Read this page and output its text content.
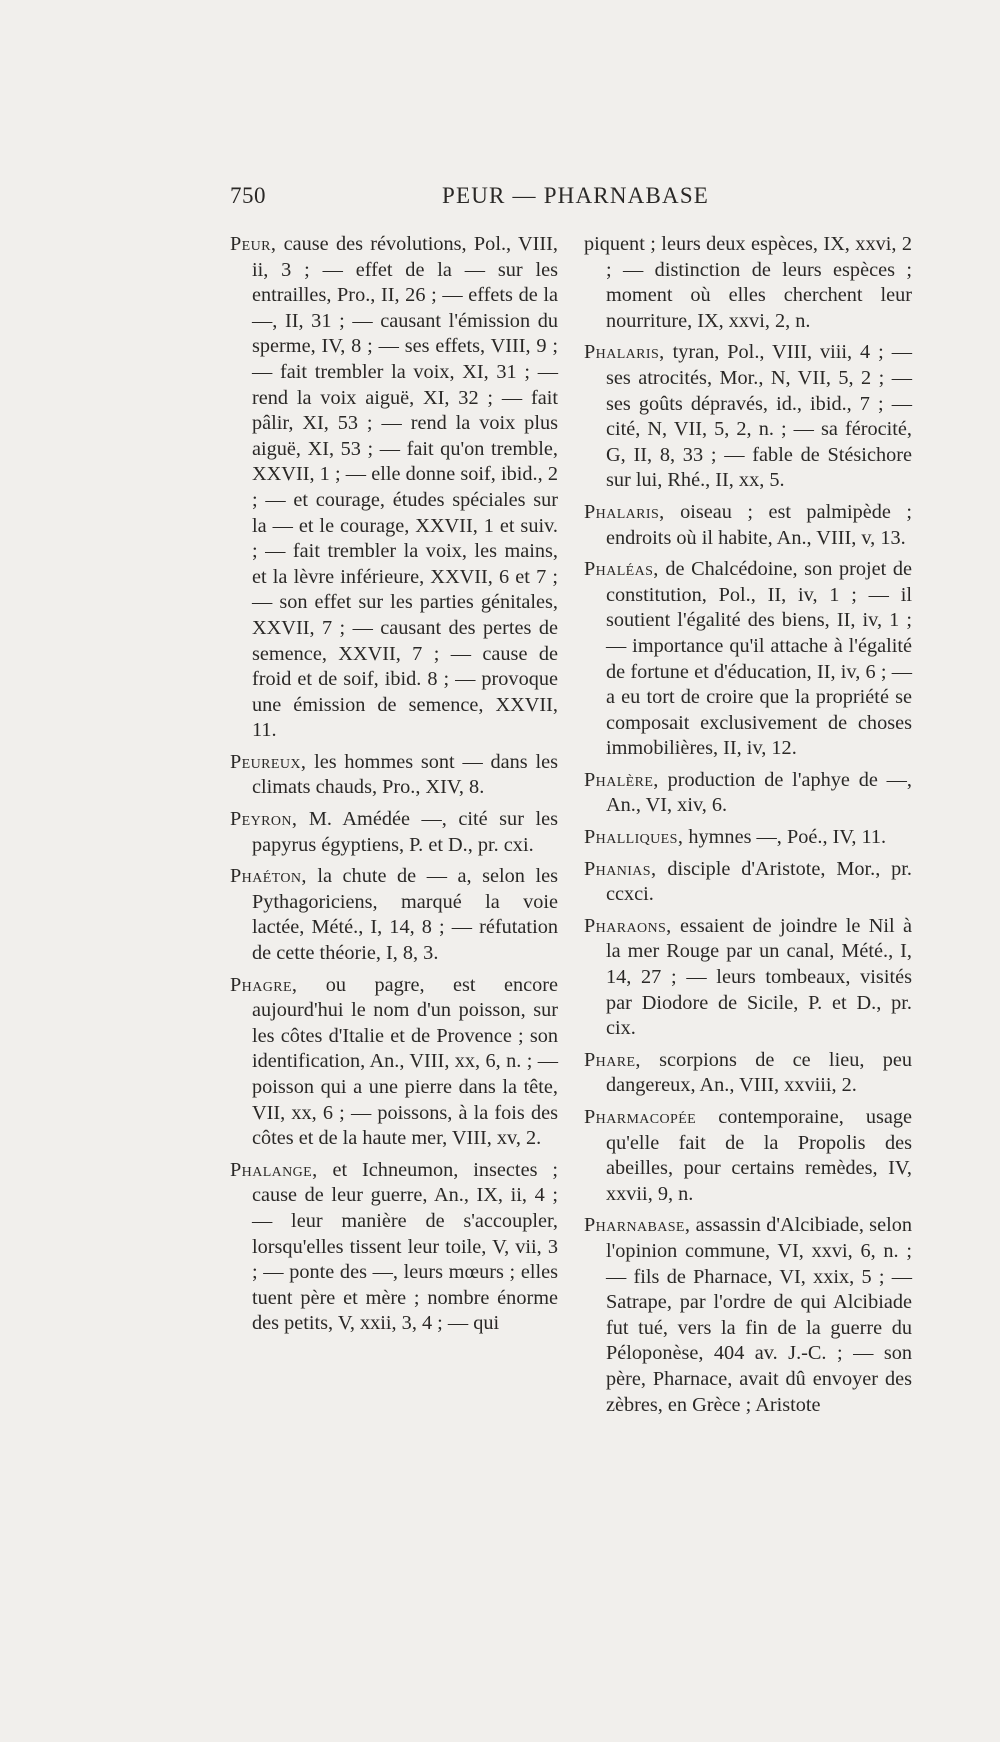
750	PEUR — PHARNABASE

Peur, cause des révolutions, Pol., VIII, ii, 3 ; — effet de la — sur les entrailles, Pro., II, 26 ; — effets de la —, II, 31 ; — causant l'émission du sperme, IV, 8 ; — ses effets, VIII, 9 ; — fait trembler la voix, XI, 31 ; — rend la voix aiguë, XI, 32 ; — fait pâlir, XI, 53 ; — rend la voix plus aiguë, XI, 53 ; — fait qu'on tremble, XXVII, 1 ; — elle donne soif, ibid., 2 ; — et courage, études spéciales sur la — et le courage, XXVII, 1 et suiv. ; — fait trembler la voix, les mains, et la lèvre inférieure, XXVII, 6 et 7 ; — son effet sur les parties génitales, XXVII, 7 ; — causant des pertes de semence, XXVII, 7 ; — cause de froid et de soif, ibid. 8 ; — provoque une émission de semence, XXVII, 11.

Peureux, les hommes sont — dans les climats chauds, Pro., XIV, 8.

Peyron, M. Amédée —, cité sur les papyrus égyptiens, P. et D., pr. cxi.

Phaéton, la chute de — a, selon les Pythagoriciens, marqué la voie lactée, Mété., I, 14, 8 ; — réfutation de cette théorie, I, 8, 3.

Phagre, ou pagre, est encore aujourd'hui le nom d'un poisson, sur les côtes d'Italie et de Provence ; son identification, An., VIII, xx, 6, n. ; — poisson qui a une pierre dans la tête, VII, xx, 6 ; — poissons, à la fois des côtes et de la haute mer, VIII, xv, 2.

Phalange, et Ichneumon, insectes ; cause de leur guerre, An., IX, ii, 4 ; — leur manière de s'accoupler, lorsqu'elles tissent leur toile, V, vii, 3 ; — ponte des —, leurs mœurs ; elles tuent père et mère ; nombre énorme des petits, V, xxii, 3, 4 ; — qui

piquent ; leurs deux espèces, IX, xxvi, 2 ; — distinction de leurs espèces ; moment où elles cherchent leur nourriture, IX, xxvi, 2, n.

Phalaris, tyran, Pol., VIII, viii, 4 ; — ses atrocités, Mor., N, VII, 5, 2 ; — ses goûts dépravés, id., ibid., 7 ; — cité, N, VII, 5, 2, n. ; — sa férocité, G, II, 8, 33 ; — fable de Stésichore sur lui, Rhé., II, xx, 5.

Phalaris, oiseau ; est palmipède ; endroits où il habite, An., VIII, v, 13.

Phaléas, de Chalcédoine, son projet de constitution, Pol., II, iv, 1 ; — il soutient l'égalité des biens, II, iv, 1 ; — importance qu'il attache à l'égalité de fortune et d'éducation, II, iv, 6 ; — a eu tort de croire que la propriété se composait exclusivement de choses immobilières, II, iv, 12.

Phalère, production de l'aphye de —, An., VI, xiv, 6.

Phalliques, hymnes —, Poé., IV, 11.

Phanias, disciple d'Aristote, Mor., pr. ccxci.

Pharaons, essaient de joindre le Nil à la mer Rouge par un canal, Mété., I, 14, 27 ; — leurs tombeaux, visités par Diodore de Sicile, P. et D., pr. cix.

Phare, scorpions de ce lieu, peu dangereux, An., VIII, xxviii, 2.

Pharmacopée contemporaine, usage qu'elle fait de la Propolis des abeilles, pour certains remèdes, IV, xxvii, 9, n.

Pharnabase, assassin d'Alcibiade, selon l'opinion commune, VI, xxvi, 6, n. ; — fils de Pharnace, VI, xxix, 5 ; — Satrape, par l'ordre de qui Alcibiade fut tué, vers la fin de la guerre du Péloponèse, 404 av. J.-C. ; — son père, Pharnace, avait dû envoyer des zèbres, en Grèce ; Aristote
